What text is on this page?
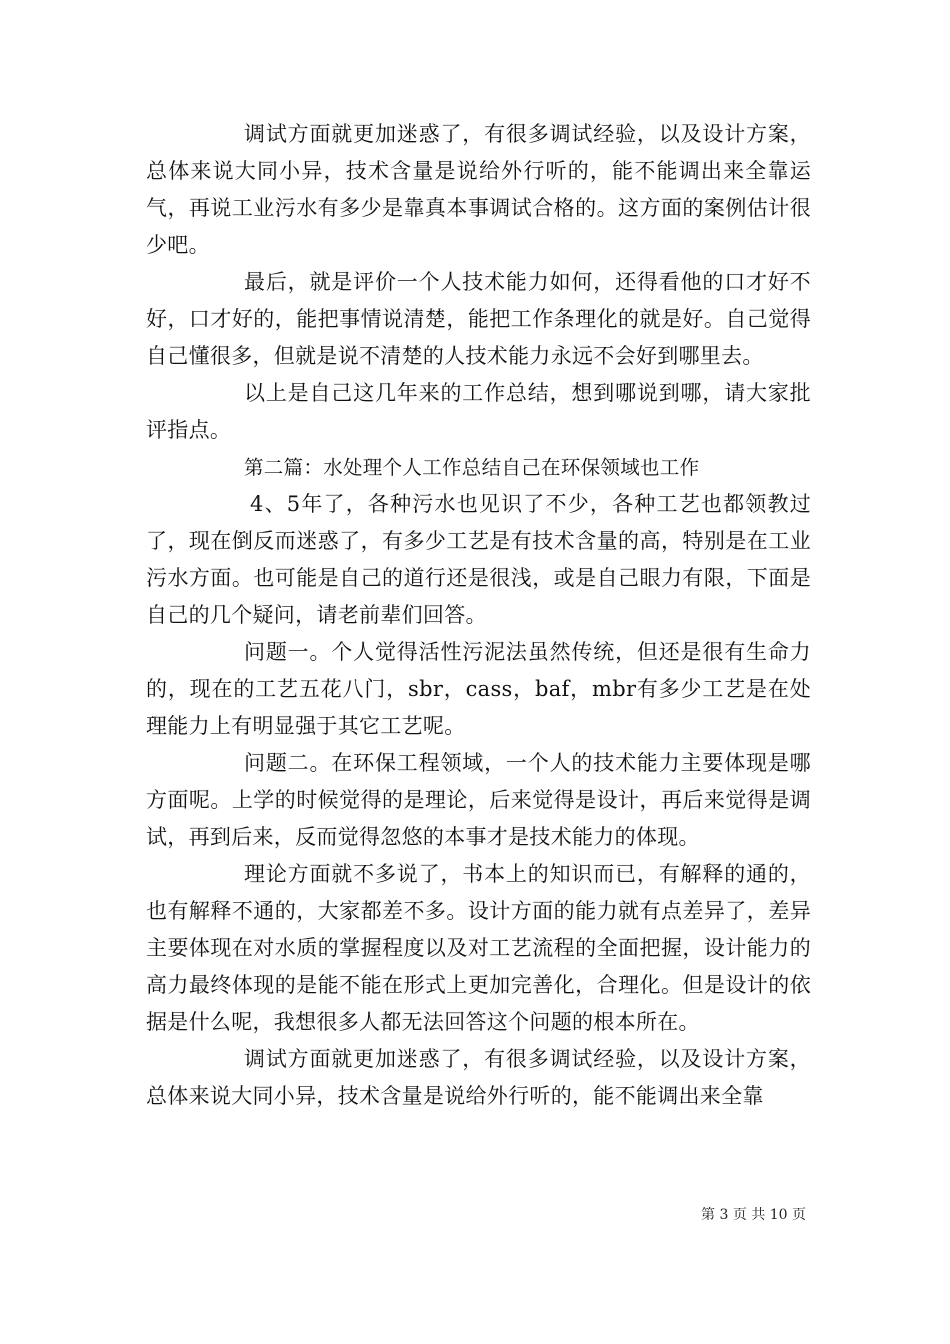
调试方面就更加迷惑了，有很多调试经验，以及设计方案，总体来说大同小异，技术含量是说给外行听的，能不能调出来全靠运气，再说工业污水有多少是靠真本事调试合格的。这方面的案例估计很少吧。

最后，就是评价一个人技术能力如何，还得看他的口才好不好，口才好的，能把事情说清楚，能把工作条理化的就是好。自己觉得自己懂很多，但就是说不清楚的人技术能力永远不会好到哪里去。

以上是自己这几年来的工作总结，想到哪说到哪，请大家批评指点。

第二篇：水处理个人工作总结自己在环保领域也工作

4、5年了，各种污水也见识了不少，各种工艺也都领教过了，现在倒反而迷惑了，有多少工艺是有技术含量的高，特别是在工业污水方面。也可能是自己的道行还是很浅，或是自己眼力有限，下面是自己的几个疑问，请老前辈们回答。

问题一。个人觉得活性污泥法虽然传统，但还是很有生命力的，现在的工艺五花八门，sbr，cass，baf，mbr有多少工艺是在处理能力上有明显强于其它工艺呢。

问题二。在环保工程领域，一个人的技术能力主要体现是哪方面呢。上学的时候觉得的是理论，后来觉得是设计，再后来觉得是调试，再到后来，反而觉得忽悠的本事才是技术能力的体现。

理论方面就不多说了，书本上的知识而已，有解释的通的，也有解释不通的，大家都差不多。设计方面的能力就有点差异了，差异主要体现在对水质的掌握程度以及对工艺流程的全面把握，设计能力的高力最终体现的是能不能在形式上更加完善化，合理化。但是设计的依据是什么呢，我想很多人都无法回答这个问题的根本所在。

调试方面就更加迷惑了，有很多调试经验，以及设计方案，总体来说大同小异，技术含量是说给外行听的，能不能调出来全靠

第 3 页 共 10 页
